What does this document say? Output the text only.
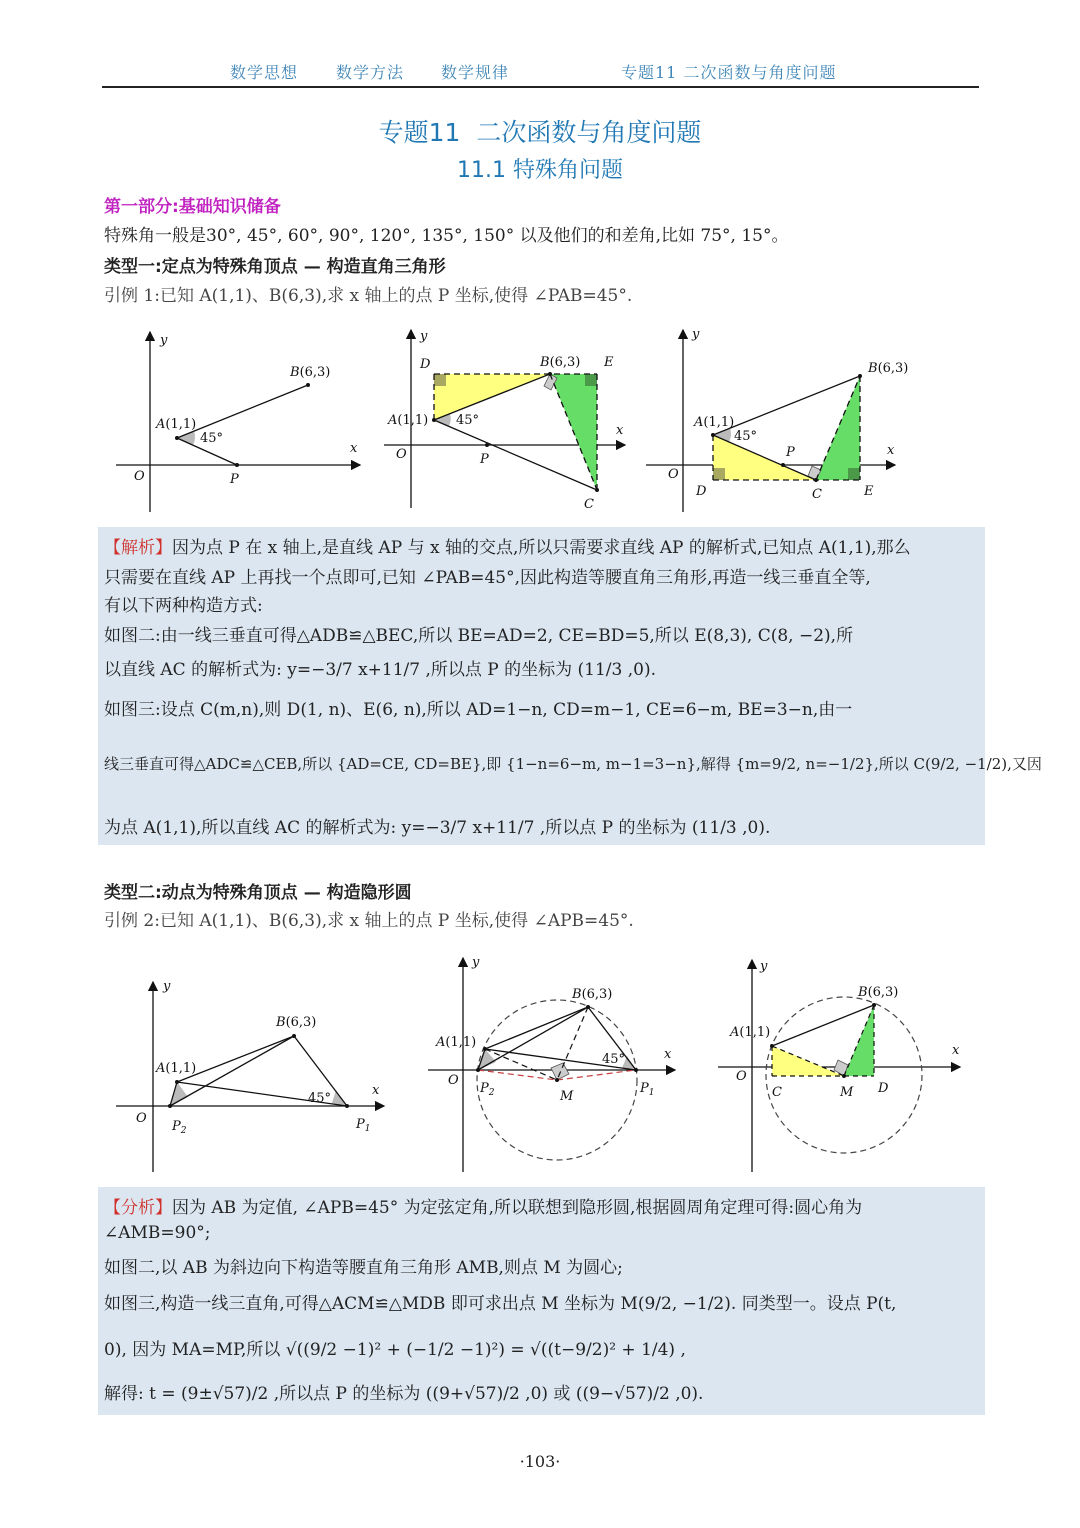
数学思想 数学方法 数学规律	专题11 二次函数与角度问题
专题11  二次函数与角度问题
11.1 特殊角问题
第一部分:基础知识储备
特殊角一般是30°, 45°, 60°, 90°, 120°, 135°, 150° 以及他们的和差角,比如 75°, 15°。
类型一:定点为特殊角顶点 — 构造直角三角形
引例 1:已知 A(1,1)、B(6,3),求 x 轴上的点 P 坐标,使得 ∠PAB=45°.
y
x
O
A(1,1)
B(6,3)
45°
P
y
x
O
D	B(6,3) E
A(1,1) 45°
P
C
y
x
O
A(1,1)
B(6,3)
45°
P
D	C	E
【解析】因为点 P 在 x 轴上,是直线 AP 与 x 轴的交点,所以只需要求直线 AP 的解析式,已知点 A(1,1),那么
只需要在直线 AP 上再找一个点即可,已知 ∠PAB=45°,因此构造等腰直角三角形,再造一线三垂直全等,
有以下两种构造方式:
如图二:由一线三垂直可得△ADB≌△BEC,所以 BE=AD=2, CE=BD=5,所以 E(8,3), C(8, −2),所
以直线 AC 的解析式为: y=−3/7 x+11/7 ,所以点 P 的坐标为 (11/3 ,0).
如图三:设点 C(m,n),则 D(1, n)、E(6, n),所以 AD=1−n, CD=m−1, CE=6−m, BE=3−n,由一
线三垂直可得△ADC≌△CEB,所以 {AD=CE, CD=BE},即 {1−n=6−m, m−1=3−n},解得 {m=9/2, n=−1/2},所以 C(9/2, −1/2),又因
为点 A(1,1),所以直线 AC 的解析式为: y=−3/7 x+11/7 ,所以点 P 的坐标为 (11/3 ,0).
类型二:动点为特殊角顶点 — 构造隐形圆
引例 2:已知 A(1,1)、B(6,3),求 x 轴上的点 P 坐标,使得 ∠APB=45°.
y
x
O
A(1,1)
B(6,3)
45°
$P_2$	$P_1$
y
x
O
A(1,1)
B(6,3)
45°
$P_2$	M
$P_1$
y
x
O
A(1,1)
B(6,3)
C	M D
【分析】因为 AB 为定值, ∠APB=45° 为定弦定角,所以联想到隐形圆,根据圆周角定理可得:圆心角为
∠AMB=90°;
如图二,以 AB 为斜边向下构造等腰直角三角形 AMB,则点 M 为圆心;
如图三,构造一线三直角,可得△ACM≌△MDB 即可求出点 M 坐标为 M(9/2, −1/2). 同类型一。设点 P(t,
0), 因为 MA=MP,所以 √((9/2 −1)² + (−1/2 −1)²) = √((t−9/2)² + 1/4) ,
解得: t = (9±√57)/2 ,所以点 P 的坐标为 ((9+√57)/2 ,0) 或 ((9−√57)/2 ,0).
·103·
